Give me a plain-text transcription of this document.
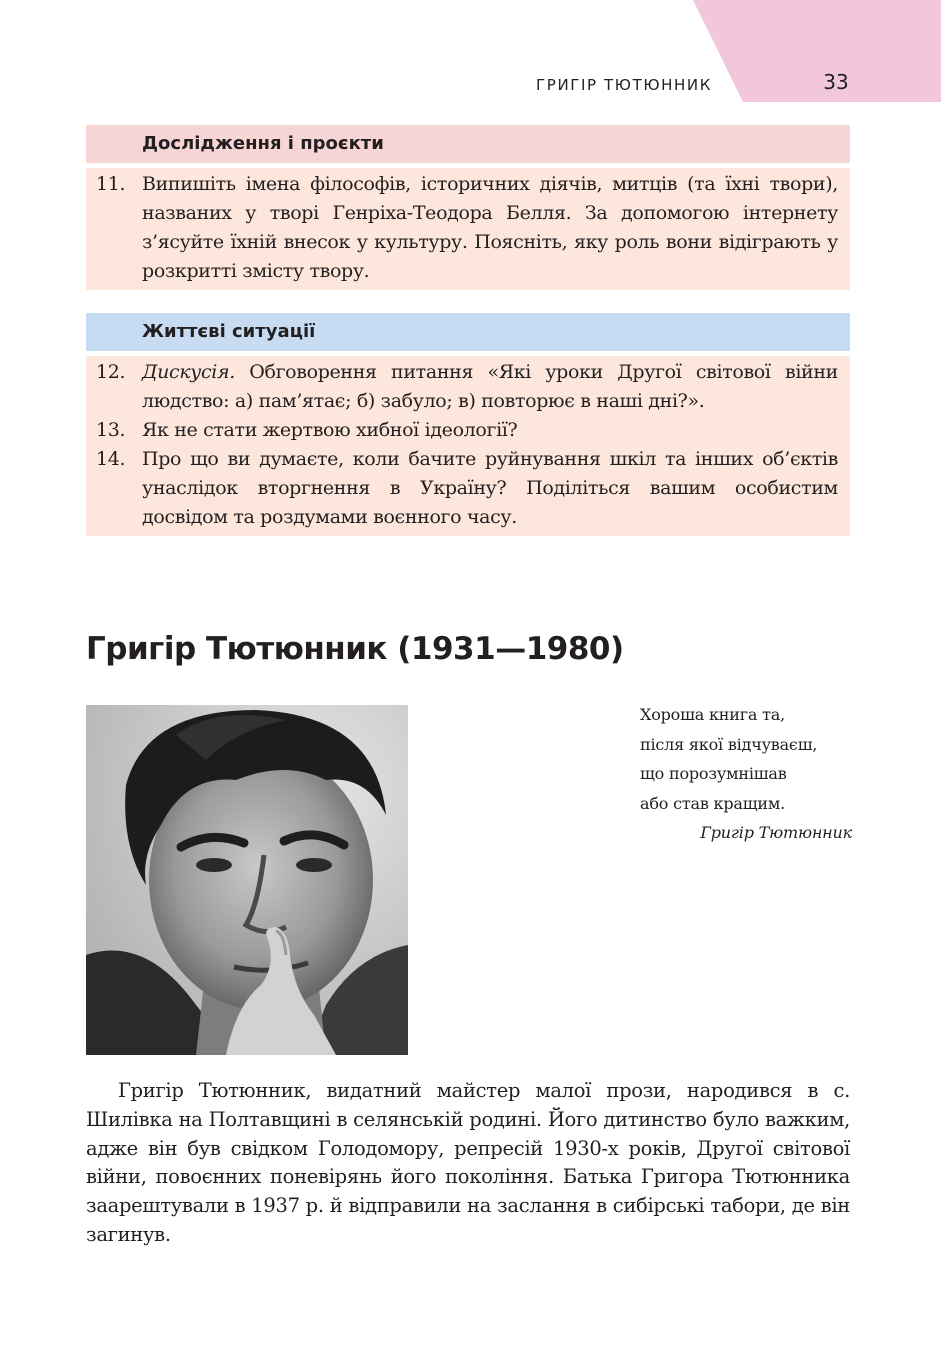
ГРИГІР ТЮТЮННИК	33
Дослідження і проєкти
11. Випишіть імена філософів, історичних діячів, митців (та їхні твори), названих у творі Генріха-Теодора Белля. За допомогою інтернету з’ясуйте їхній внесок у культуру. Поясніть, яку роль вони відіграють у розкритті змісту твору.
Життєві ситуації
12. Дискусія. Обговорення питання «Які уроки Другої світової війни людство: а) пам’ятає; б) забуло; в) повторює в наші дні?».
13. Як не стати жертвою хибної ідеології?
14. Про що ви думаєте, коли бачите руйнування шкіл та інших об’єктів унаслідок вторгнення в Україну? Поділіться вашим особистим досвідом та роздумами воєнного часу.
Григір Тютюнник (1931—1980)
Хороша книга та,
після якої відчуваєш,
що порозумнішав
або став кращим.
Григір Тютюнник

Григір Тютюнник, видатний майстер малої прози, народився в с. Шилівка на Полтавщині в селянській родині. Його дитинство було важким, адже він був свідком Голодомору, репресій 1930-х років, Другої світової війни, повоєнних поневірянь його покоління. Батька Григора Тютюнника заарештували в 1937 р. й відправили на заслання в сибірські табори, де він загинув.
